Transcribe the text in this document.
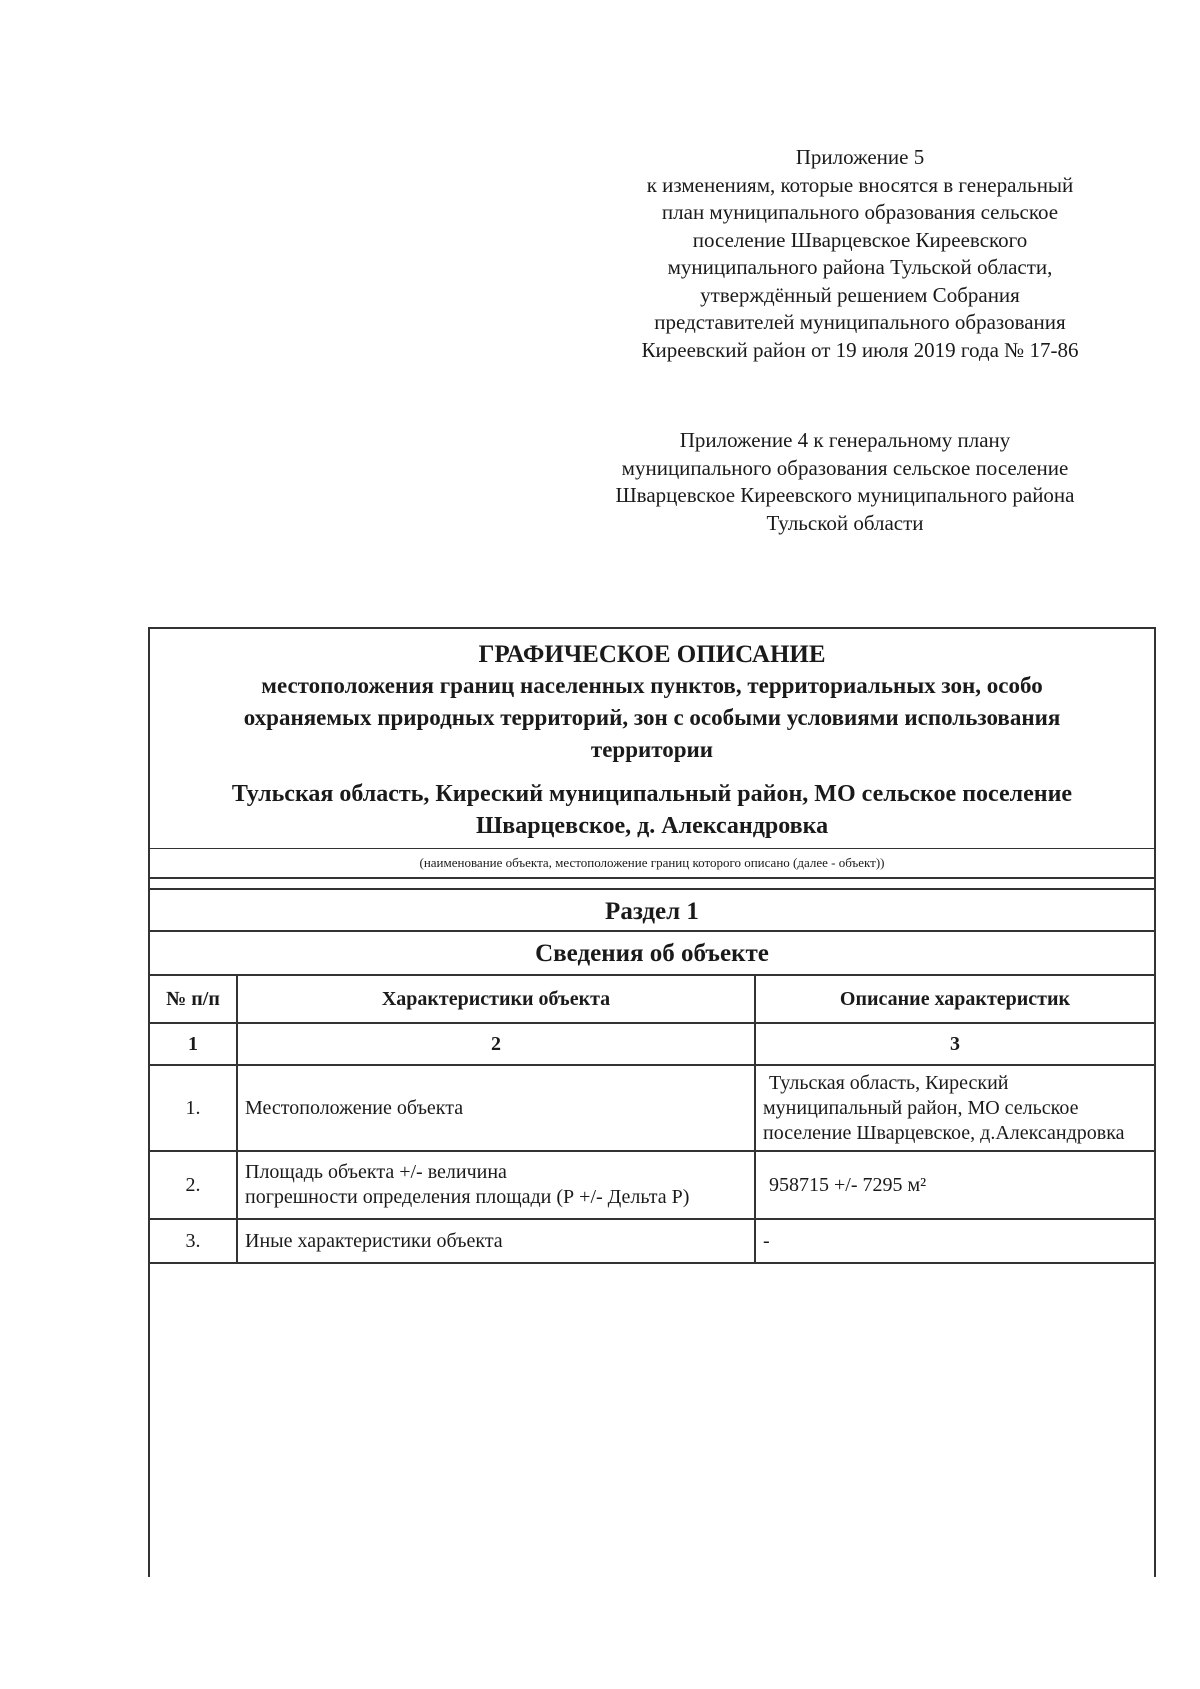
Приложение 5

к изменениям, которые вносятся в генеральный

план муниципального образования сельское

поселение Шварцевское Киреевского

муниципального района Тульской области,

утверждённый решением Собрания

представителей муниципального образования

Киреевский район от 19 июля 2019 года № 17-86

Приложение 4 к генеральному плану

муниципального образования сельское поселение

Шварцевское Киреевского муниципального района

Тульской области

ГРАФИЧЕСКОЕ ОПИСАНИЕ
местоположения границ населенных пунктов, территориальных зон, особо
охраняемых природных территорий, зон с особыми условиями использования
территории
Тульская область, Киреский муниципальный район, МО сельское поселение
Шварцевское, д. Александровка
(наименование объекта, местоположение границ которого описано (далее - объект))
Раздел 1
Сведения об объекте
№ п/п	Характеристики объекта	Описание характеристик
1	2	3
1.	Местоположение объекта	Тульская область, Киреский
муниципальный район, МО сельское
поселение Шварцевское, д.Александровка

2.	Площадь объекта +/- величина
погрешности определения площади (Р +/- Дельта Р)	958715 +/- 7295 м²

3.	Иные характеристики объекта	-
